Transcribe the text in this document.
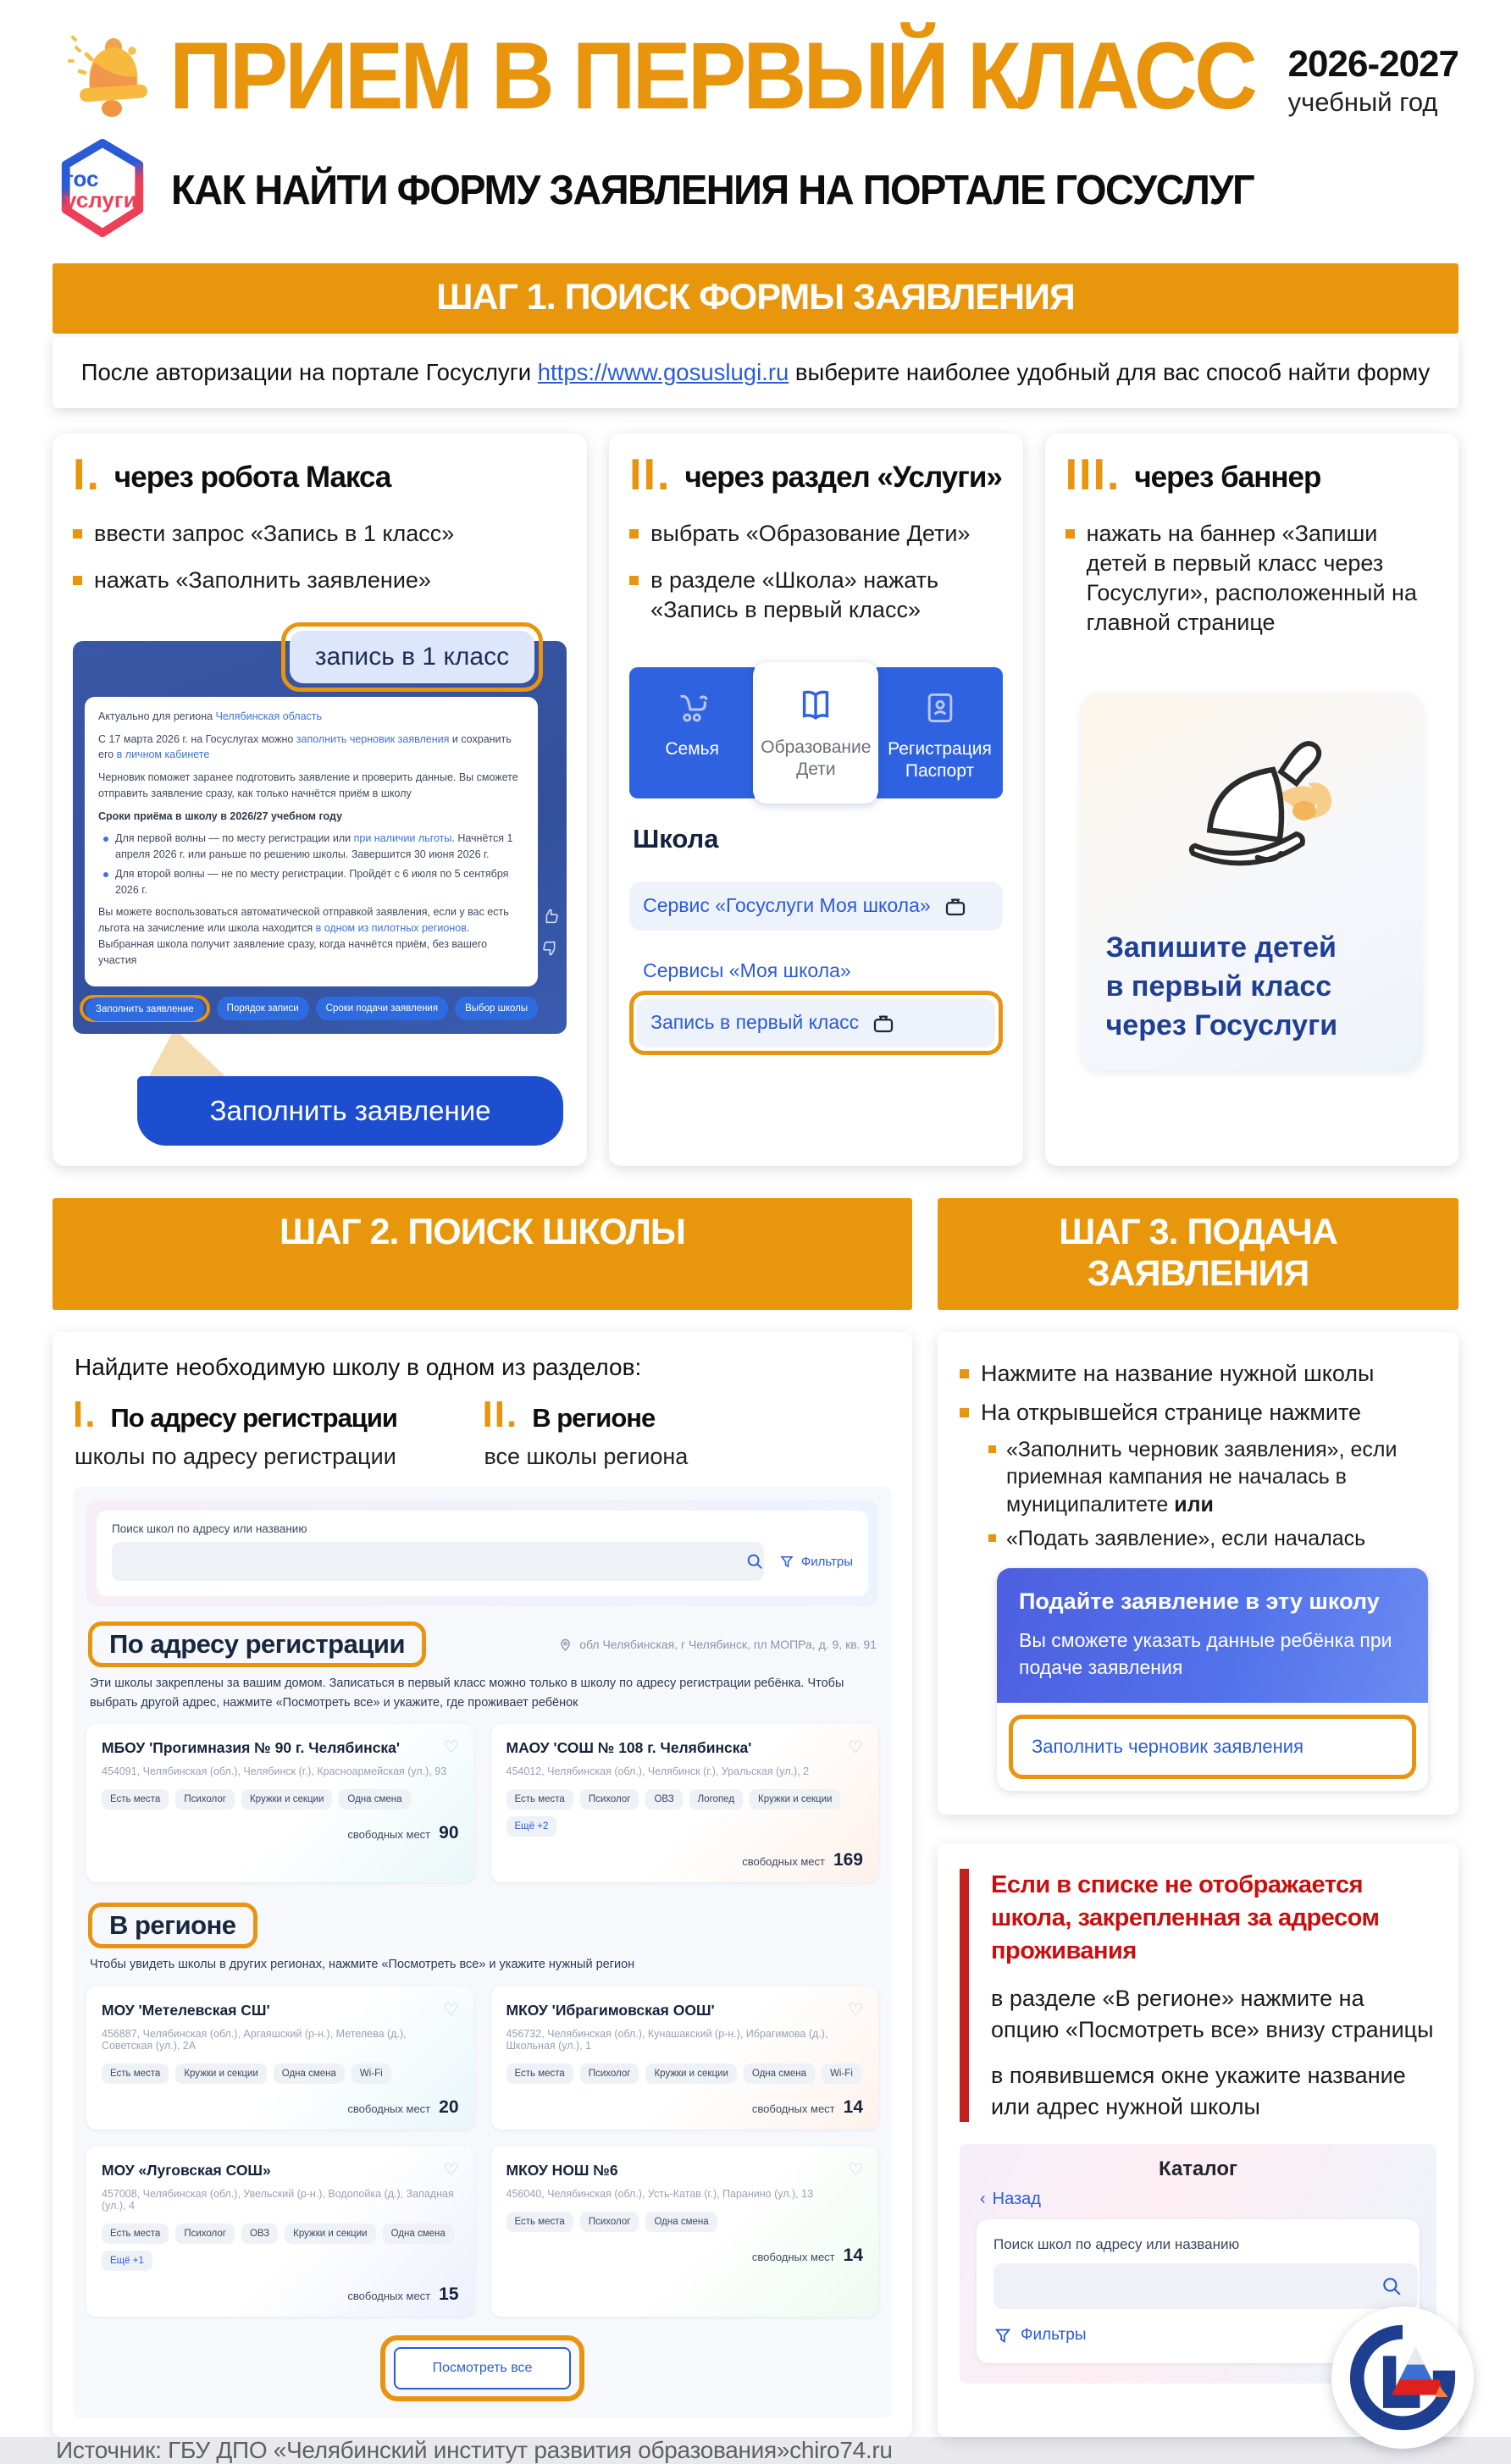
ПРИЕМ В ПЕРВЫЙ КЛАСС 2026-2027
учебный год
гос
услуги КАК НАЙТИ ФОРМУ ЗАЯВЛЕНИЯ НА ПОРТАЛЕ ГОСУСЛУГ
ШАГ 1. ПОИСК ФОРМЫ ЗАЯВЛЕНИЯ
После авторизации на портале Госуслуги https://www.gosuslugi.ru выберите наиболее удобный для вас способ найти форму
I. через робота Макса
ввести запрос «Запись в 1 класс»
нажать «Заполнить заявление»
запись в 1 класс

Актуально для региона Челябинская область

С 17 марта 2026 г. на Госуслугах можно заполнить черновик заявления и сохранить его в личном кабинете

Черновик поможет заранее подготовить заявление и проверить данные. Вы сможете отправить заявление сразу, как только начнётся приём в школу

Сроки приёма в школу в 2026/27 учебном году

Для первой волны — по месту регистрации или при наличии льготы. Начнётся 1 апреля 2026 г. или раньше по решению школы. Завершится 30 июня 2026 г.
Для второй волны — не по месту регистрации. Пройдёт с 6 июля по 5 сентября 2026 г.

Вы можете воспользоваться автоматической отправкой заявления, если у вас есть льгота на зачисление или школа находится в одном из пилотных регионов. Выбранная школа получит заявление сразу, когда начнётся приём, без вашего участия

Заполнить заявление	Порядок записи	Сроки подачи заявления	Выбор школы
Заполнить заявление
II. через раздел «Услуги»
выбрать «Образование Дети»
в разделе «Школа» нажать «Запись в первый класс»
Семья	Образование
Дети
Регистрация
Паспорт
Школа
Сервис «Госуслуги Моя школа»
Сервисы «Моя школа»
Запись в первый класс
III. через баннер
нажать на баннер «Запиши детей в первый класс через Госуслуги», расположенный на главной странице
Запишите детей
в первый класс
через Госуслуги
ШАГ 2. ПОИСК ШКОЛЫ	ШАГ 3. ПОДАЧА ЗАЯВЛЕНИЯ
Найдите необходимую школу в одном из разделов:
I. По адресу регистрации
школы по адресу регистрации
II. В регионе
все школы региона
Поиск школ по адресу или названию
Фильтры
По адресу регистрации	обл Челябинская, г Челябинск, пл МОПРа, д. 9, кв. 91
Эти школы закреплены за вашим домом. Записаться в первый класс можно только в школу по адресу регистрации ребёнка. Чтобы выбрать другой адрес, нажмите «Посмотреть все» и укажите, где проживает ребёнок
МБОУ 'Прогимназия № 90 г. Челябинска'	♡
454091, Челябинская (обл.), Челябинск (г.), Красноармейская (ул.), 93
Есть места	Психолог	Кружки и секции	Одна смена
свободных мест 90
МАОУ 'СОШ № 108 г. Челябинска'	♡
454012, Челябинская (обл.), Челябинск (г.), Уральская (ул.), 2
Есть места	Психолог	ОВЗ	Логопед	Кружки и секции
Ещё +2
свободных мест 169
В регионе
Чтобы увидеть школы в других регионах, нажмите «Посмотреть все» и укажите нужный регион
МОУ 'Метелевская СШ'	♡
456887, Челябинская (обл.), Аргаяшский (р-н.), Метелева (д.), Советская (ул.), 2А
Есть места	Кружки и секции	Одна смена	Wi-Fi
свободных мест 20
МКОУ 'Ибрагимовская ООШ'	♡
456732, Челябинская (обл.), Кунашакский (р-н.), Ибрагимова (д.), Школьная (ул.), 1
Есть места	Психолог	Кружки и секции	Одна смена	Wi-Fi
свободных мест 14
МОУ «Луговская СОШ»	♡
457008, Челябинская (обл.), Увельский (р-н.), Водопойка (д.), Западная (ул.), 4
Есть места	Психолог	ОВЗ	Кружки и секции	Одна смена
Ещё +1
свободных мест 15
МКОУ НОШ №6	♡
456040, Челябинская (обл.), Усть-Катав (г.), Паранино (ул.), 13
Есть места	Психолог	Одна смена
свободных мест 14
Посмотреть все
Нажмите на название нужной школы
На открывшейся странице нажмите
«Заполнить черновик заявления», если приемная кампания не началась в муниципалитете или
«Подать заявление», если началась
Подайте заявление в эту школу
Вы сможете указать данные ребёнка при подаче заявления
Заполнить черновик заявления
Если в списке не отображается школа, закрепленная за адресом проживания
в разделе «В регионе» нажмите на опцию «Посмотреть все» внизу страницы
в появившемся окне укажите название или адрес нужной школы
Каталог
‹ Назад
Поиск школ по адресу или названию
Фильтры
Источник: ГБУ ДПО «Челябинский институт развития образования»chiro74.ru
